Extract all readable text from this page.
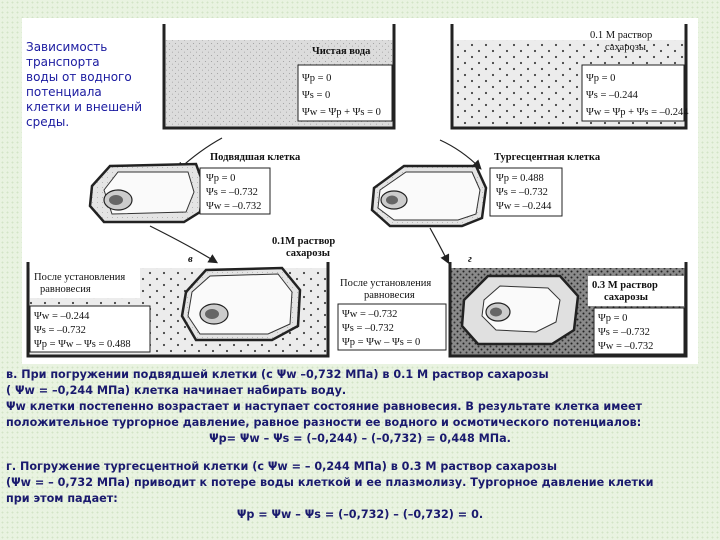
Чистая вода
Ψp = 0
Ψs = 0
Ψw = Ψp + Ψs = 0
0.1 M раствор
сахарозы
Ψp = 0
Ψs = –0.244
Ψw = Ψp + Ψs = –0.244
Подвядшая клетка
Ψp = 0
Ψs = –0.732
Ψw = –0.732
Тургесцентная клетка
Ψp = 0.488
Ψs = –0.732
Ψw = –0.244
0.1M раствор
сахарозы
в
После установления
равновесия
Ψw = –0.244
Ψs = –0.732
Ψp = Ψw – Ψs = 0.488
г
После установления
равновесия
0.3 M раствор
сахарозы
Ψw = –0.732
Ψs = –0.732
Ψp = Ψw – Ψs = 0
Ψp = 0
Ψs = –0.732
Ψw = –0.732
Зависимость
транспорта
воды от водного
потенциала
клетки и внешенй
среды.
в. При погружении подвядшей клетки (с Ψw –0,732 МПа) в 0.1 М раствор сахарозы
( Ψw = –0,244 МПа) клетка начинает набирать воду.
Ψw клетки постепенно возрастает и наступает состояние равновесия. В результате клетка имеет
положительное тургорное давление, равное разности ее водного и осмотического потенциалов:
Ψp= Ψw – Ψs = (–0,244) – (–0,732) = 0,448 МПа.
г. Погружение тургесцентной клетки (с Ψw = – 0,244 МПа) в 0.3 М раствор сахарозы
(Ψw = – 0,732 МПа) приводит к потере воды клеткой и ее плазмолизу. Тургорное давление клетки
при этом падает:
Ψp = Ψw – Ψs = (–0,732) – (–0,732) = 0.
